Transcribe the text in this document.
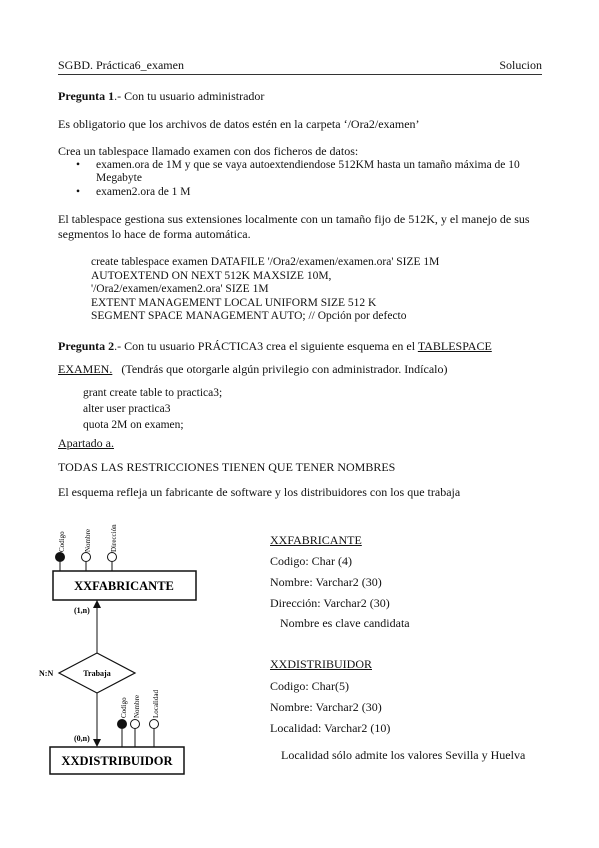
SGBD. Práctica6_examen	Solucion
Pregunta 1.- Con tu usuario administrador
Es obligatorio que los archivos de datos estén en la carpeta ‘/Ora2/examen’
Crea un tablespace llamado examen con dos ficheros de datos:
• examen.ora de 1M y que se vaya autoextendiendose 512KM hasta un tamaño máxima de 10 Megabyte
• examen2.ora de 1 M
El tablespace gestiona sus extensiones localmente con un tamaño fijo de 512K, y el manejo de sus
segmentos lo hace de forma automática.
create tablespace examen DATAFILE '/Ora2/examen/examen.ora' SIZE 1M
AUTOEXTEND ON NEXT 512K MAXSIZE 10M,
'/Ora2/examen/examen2.ora' SIZE 1M
EXTENT MANAGEMENT LOCAL UNIFORM SIZE 512 K
SEGMENT SPACE MANAGEMENT AUTO; // Opción por defecto
Pregunta 2.- Con tu usuario PRÁCTICA3 crea el siguiente esquema en el TABLESPACE
EXAMEN. (Tendrás que otorgarle algún privilegio con administrador. Indícalo)
grant create table to practica3;
alter user practica3
quota 2M on examen;
Apartado a.
TODAS LAS RESTRICCIONES TIENEN QUE TENER NOMBRES
El esquema refleja un fabricante de software y los distribuidores con los que trabaja
XXFABRICANTE
Codigo	Nombre	Dirección
(1,n)
Trabaja
N:N
(0,n)
XXDISTRIBUIDOR
Codigo Nombre Localidad
XXFABRICANTE
Codigo: Char (4)
Nombre: Varchar2 (30)
Dirección: Varchar2 (30)
Nombre es clave candidata
XXDISTRIBUIDOR
Codigo: Char(5)
Nombre: Varchar2 (30)
Localidad: Varchar2 (10)
Localidad sólo admite los valores Sevilla y Huelva
